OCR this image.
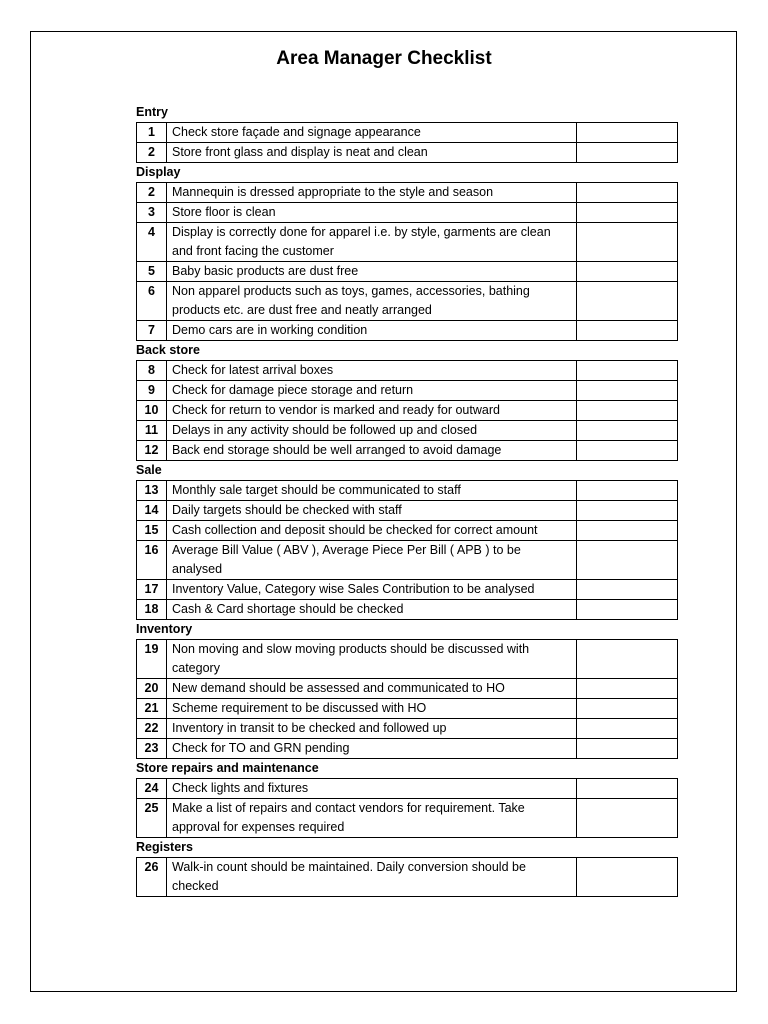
Area Manager Checklist
Entry
1	Check store façade and signage appearance	
2	Store front glass and display is neat and clean	
Display
2	Mannequin is dressed appropriate to the style and season	
3	Store floor is clean	
4	Display is correctly done for apparel i.e. by style, garments are clean and front facing the customer	
5	Baby basic products are dust free	
6	Non apparel products such as toys, games, accessories, bathing products etc. are dust free and neatly arranged	
7	Demo cars are in working condition	
Back store
8	Check for latest arrival boxes	
9	Check for damage piece storage and return	
10	Check for return to vendor is marked and ready for outward	
11	Delays in any activity should be followed up and closed	
12	Back end storage should be well arranged to avoid damage	
Sale
13	Monthly sale target should be communicated to staff	
14	Daily targets should be checked with staff	
15	Cash collection and deposit should be checked for correct amount	
16	Average Bill Value ( ABV ), Average Piece Per Bill ( APB ) to be analysed	
17	Inventory Value, Category wise Sales Contribution to be analysed	
18	Cash & Card shortage should be checked	
Inventory
19	Non moving and slow moving products should be discussed with category	
20	New demand should be assessed and communicated to HO	
21	Scheme requirement to be discussed with HO	
22	Inventory in transit to be checked and followed up	
23	Check for TO and GRN pending	
Store repairs and maintenance
24	Check lights and fixtures	
25	Make a list of repairs and contact vendors for requirement. Take approval for expenses required	
Registers
26	Walk-in count should be maintained. Daily conversion should be checked	
